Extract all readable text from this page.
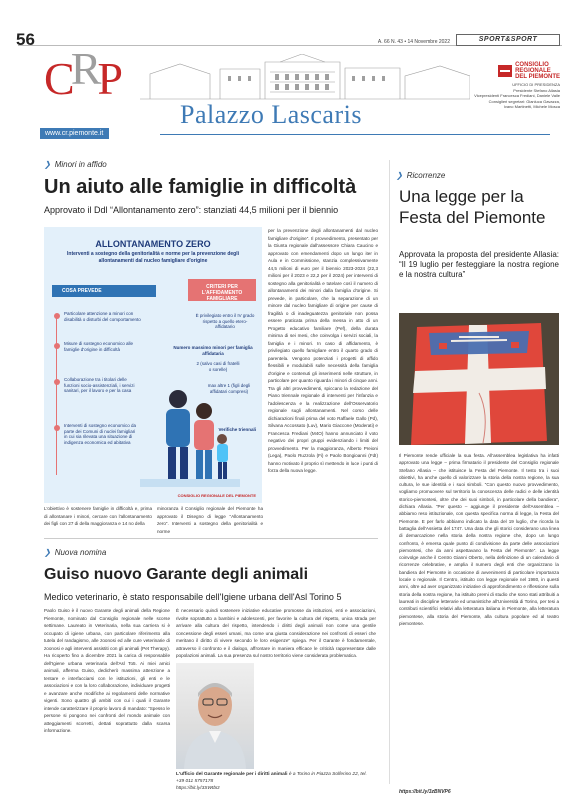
56	A. 66 N. 43 • 14 Novembre 2022	SPORT&SPORT
CRP
Palazzo Lascaris
www.cr.piemonte.it
CONSIGLIO
REGIONALE
DEL PIEMONTE
UFFICIO DI PRESIDENZA
Presidente Stefano Allasia
Vicepresidenti Francesca Frediani, Daniele Valle
Consiglieri segretari: Gianluca Gavazza,
Ivano Martinetti, Michele Mosca
❯ Minori in affido
Un aiuto alle famiglie in difficoltà
Approvato il Ddl “Allontanamento zero”: stanziati 44,5 milioni per il biennio
ALLONTANAMENTO ZERO
Interventi a sostegno della genitorialità e norme per la prevenzione degli allontanamenti dal nucleo famigliare d'origine
COSA PREVEDE
CRITERI PER L'AFFIDAMENTO FAMIGLIARE
Particolare attenzione a minori con disabilità o disturbi del comportamento
Misure di sostegno economico alle famiglie d'origine in difficoltà
Collaborazione tra i titolari delle funzioni socio-assistenziali, i servizi sanitari, per il lavoro e per la casa
Interventi di sostegno economico da parte dei Comuni di nuclei famigliari in cui sia rilevata una situazione di indigenza economica ed abitativa
È privilegiato entro il IV grado rispetto a quello etero-affidatario
Numero massimo minori per famiglia affidataria
2 (salvo casi di fratelli o sorelle)
max altre 1 (figli degli affidatari compresi)
Verifiche triennali
CONSIGLIO REGIONALE DEL PIEMONTE
L'obiettivo è sostenere famiglie in difficoltà e, prima di allontanare i minori, cercare con l'allontanamento dei figli con 27 di della maggioranza e 14 no della
minoranza il Consiglio regionale del Piemonte ha approvato il Disegno di legge “Allontanamento zero”. Interventi a sostegno della genitorialità e norme
per la prevenzione degli allontanamenti dal nucleo famigliare d'origine”. Il provvedimento, presentato per la Giunta regionale dall'assessore Chiara Caucino e approvato con emendamenti dopo un lungo iter in Aula e in Commissione, stanzia complessivamente 44,5 milioni di euro per il biennio 2023-2024 (22,3 milioni per il 2023 e 22,2 per il 2024) per interventi di sostegno alla genitorialità e tutelare così il numero di allontanamenti dei minori dalla famiglia d'origine. Si prevede, in particolare, che la separazione di un minore dal nucleo famigliare di origine per cause di fragilità o di inadeguatezza genitoriale non possa essere praticata prima della messa in atto di un Progetto educativo familiare (Pef), della durata minima di sei mesi, che coinvolga i servizi sociali, la famiglia e i minori. In caso di affidamento, è privilegiato quello famigliare entro il quarto grado di parentela. Vengono potenziati i progetti di affido flessibili e modulabili sulle necessità della famiglia d'origine e contenuti gli inserimenti nelle strutture, in particolare per quanto riguarda i minori di cinque anni. Tra gli altri provvedimenti, spiccano la redazione del Piano triennale regionale di interventi per l'infanzia e l'adolescenza e la realizzazione dell'Osservatorio regionale sugli allontanamenti. Nel corso delle dichiarazioni finali prima del voto Raffaele Gallo (Pd), Silvana Accossato (Luv), Mario Giaccone (Moderati) e Francesca Frediani (M4O) hanno annunciato il voto negativo dei propri gruppi evidenziando i limiti del provvedimento. Per la maggioranza, Alberto Preioni (Lega), Paolo Ruzzola (Fi) e Paolo Bongioanni (FdI) hanno motivato il proprio sì mettendo in luce i punti di forza della nuova legge.
❯ Nuova nomina
Guiso nuovo Garante degli animali
Medico veterinario, è stato responsabile dell'Igiene urbana dell'Asl Torino 5
Paolo Guiso è il nuovo Garante degli animali della Regione Piemonte, nominato dal Consiglio regionale nelle scorse settimane. Laureato in Veterinaria, nella sua carriera si è occupato di igiene urbana, con particolare riferimento alla tutela del randagismo, alle zoonosi ed alle cure veterinarie di zoonosi e agli interventi assistiti con gli animali (Pet Therapy). Ha ricoperto fino a dicembre 2021 la carica di responsabile dell'Igiene urbana veterinaria dell'Asl To5. Ai miei amici animali, afferma Guiso, dedicherò massima attenzione a tentare e interfacciarsi con le istituzioni, gli enti e le associazioni e con la loro collaborazione, individuare progetti e avanzare anche modifiche ai regolamenti delle normative vigenti. Sono quattro gli ambiti con cui i quali il Garante intende caratterizzare il proprio lavoro di mandato: “Spesso le persone si pongono nei confronti del mondo animale con atteggiamenti scorretti, dettati soprattutto dalla scarsa informazione.
È necessario quindi sostenere iniziative educative promosse da istituzioni, enti e associazioni, rivolte soprattutto a bambini e adolescenti, per favorire la cultura del rispetto, unica strada per arrivare alla cultura del rispetto, intendendo i diritti degli animali non come una gentile concessione degli esseri umani, ma come una giusta considerazione nei confronti di esseri che meritano il diritto di vivere secondo le loro esigenze” spiega. Per il Garante è fondamentale, attraverso il confronto e il dialogo, affrontare in maniera efficace le criticità rappresentate dalle popolazioni animali. La sua presenza sul nostro territorio viene considerata problematica.
L'ufficio del Garante regionale per i diritti animali è a Torino in Piazza Solferino 22, tel. +39 011 5757178
https://bit.ly/3SWtbIz
❯ Ricorrenze
Una legge per la Festa del Piemonte
Approvata la proposta del presidente Allasia: “Il 19 luglio per festeggiare la nostra regione e la nostra cultura”
Il Piemonte rende ufficiale la sua festa. All'assemblea legislativa ha infatti approvato una legge – prima firmatario il presidente del Consiglio regionale Stefano Allasia – che istituisce la Festa del Piemonte. Il testo tra i suoi obiettivi, ha anche quello di valorizzare la storia della nostra regione, la sua cultura, le sue identità e i suoi simboli. “Con questo nuovo provvedimento, vogliamo promuovere sul territorio la conoscenza delle radici e delle identità storico-piemontesi, oltre che dei suoi simboli, in particolare della bandiera”, dichiara Allasia. “Per questo – aggiunge il presidente dell'Assemblea – abbiamo reso istituzionale, con questa specifica norma di legge, la Festa del Piemonte. E per farlo abbiamo indicato la data del 19 luglio, che ricorda la battaglia dell'Assietta del 1747. Una data che gli storici considerano una linea di demarcazione nella storia della nostra regione che, dopo un lungo confronto, è emersa quale punto di condivisione da parte delle associazioni piemontesi, che da anni aspettavano la Festa del Piemonte”. La legge coinvolge anche il Centro Gianni Oberto, nella definizione di un calendario di ricorrenze celebrative, e amplia il numero degli enti che organizzano la bandiera del Piemonte in occasione di avvenimenti di particolare importanza locale o regionale. Il Centro, istituito con legge regionale nel 1980, in questi anni, oltre ad aver organizzato iniziative di approfondimento e riflessione sulla storia della nostra regione, ha istituito premi di studio che sono stati attribuiti a laureati in discipline letterarie ed umanistiche all'Università di Torino, per tesi a contributi scientifici relativi alla letteratura italiana in Piemonte, alla letteratura piemontese, alla storia del Piemonte, alla cultura popolare ed al teatro piemontese.
https://bit.ly/3zBNVP6
